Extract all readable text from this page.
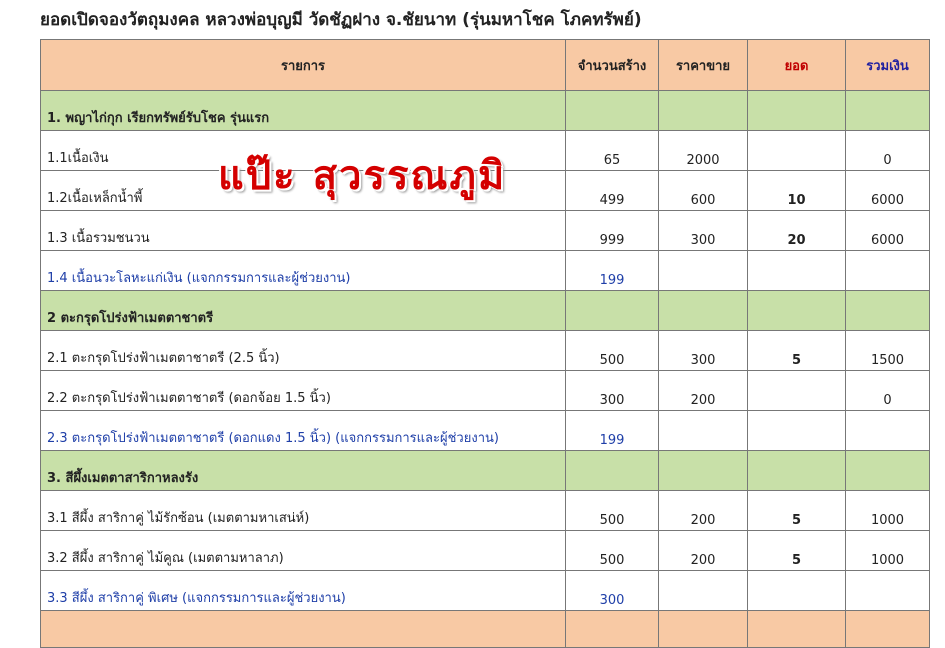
ยอดเปิดจองวัตถุมงคล หลวงพ่อบุญมี วัดชัฏฝาง จ.ชัยนาท (รุ่นมหาโชค โภคทรัพย์)
รายการ	จำนวนสร้าง	ราคาขาย	ยอด	รวมเงิน
1. พญาไก่กุก เรียกทรัพย์รับโชค รุ่นแรก				
1.1เนื้อเงิน	65	2000		0
1.2เนื้อเหล็กน้ำพี้	499	600	10	6000
1.3 เนื้อรวมชนวน	999	300	20	6000
1.4 เนื้อนวะโลหะแก่เงิน (แจกกรรมการและผู้ช่วยงาน)	199			
2 ตะกรุดโปร่งฟ้าเมตตาชาตรี				
2.1 ตะกรุดโปร่งฟ้าเมตตาชาตรี (2.5 นิ้ว)	500	300	5	1500
2.2 ตะกรุดโปร่งฟ้าเมตตาชาตรี (ดอกจ้อย 1.5 นิ้ว)	300	200		0
2.3 ตะกรุดโปร่งฟ้าเมตตาชาตรี (ดอกแดง 1.5 นิ้ว) (แจกกรรมการและผู้ช่วยงาน)	199			
3. สีผึ้งเมตตาสาริกาหลงรัง				
3.1 สีผึ้ง สาริกาคู่ ไม้รักซ้อน (เมตตามหาเสน่ห์)	500	200	5	1000
3.2 สีผึ้ง สาริกาคู่ ไม้คูณ (เมตตามหาลาภ)	500	200	5	1000
3.3 สีผึ้ง สาริกาคู่ พิเศษ (แจกกรรมการและผู้ช่วยงาน)	300			

แป๊ะ สุวรรณภูมิ
